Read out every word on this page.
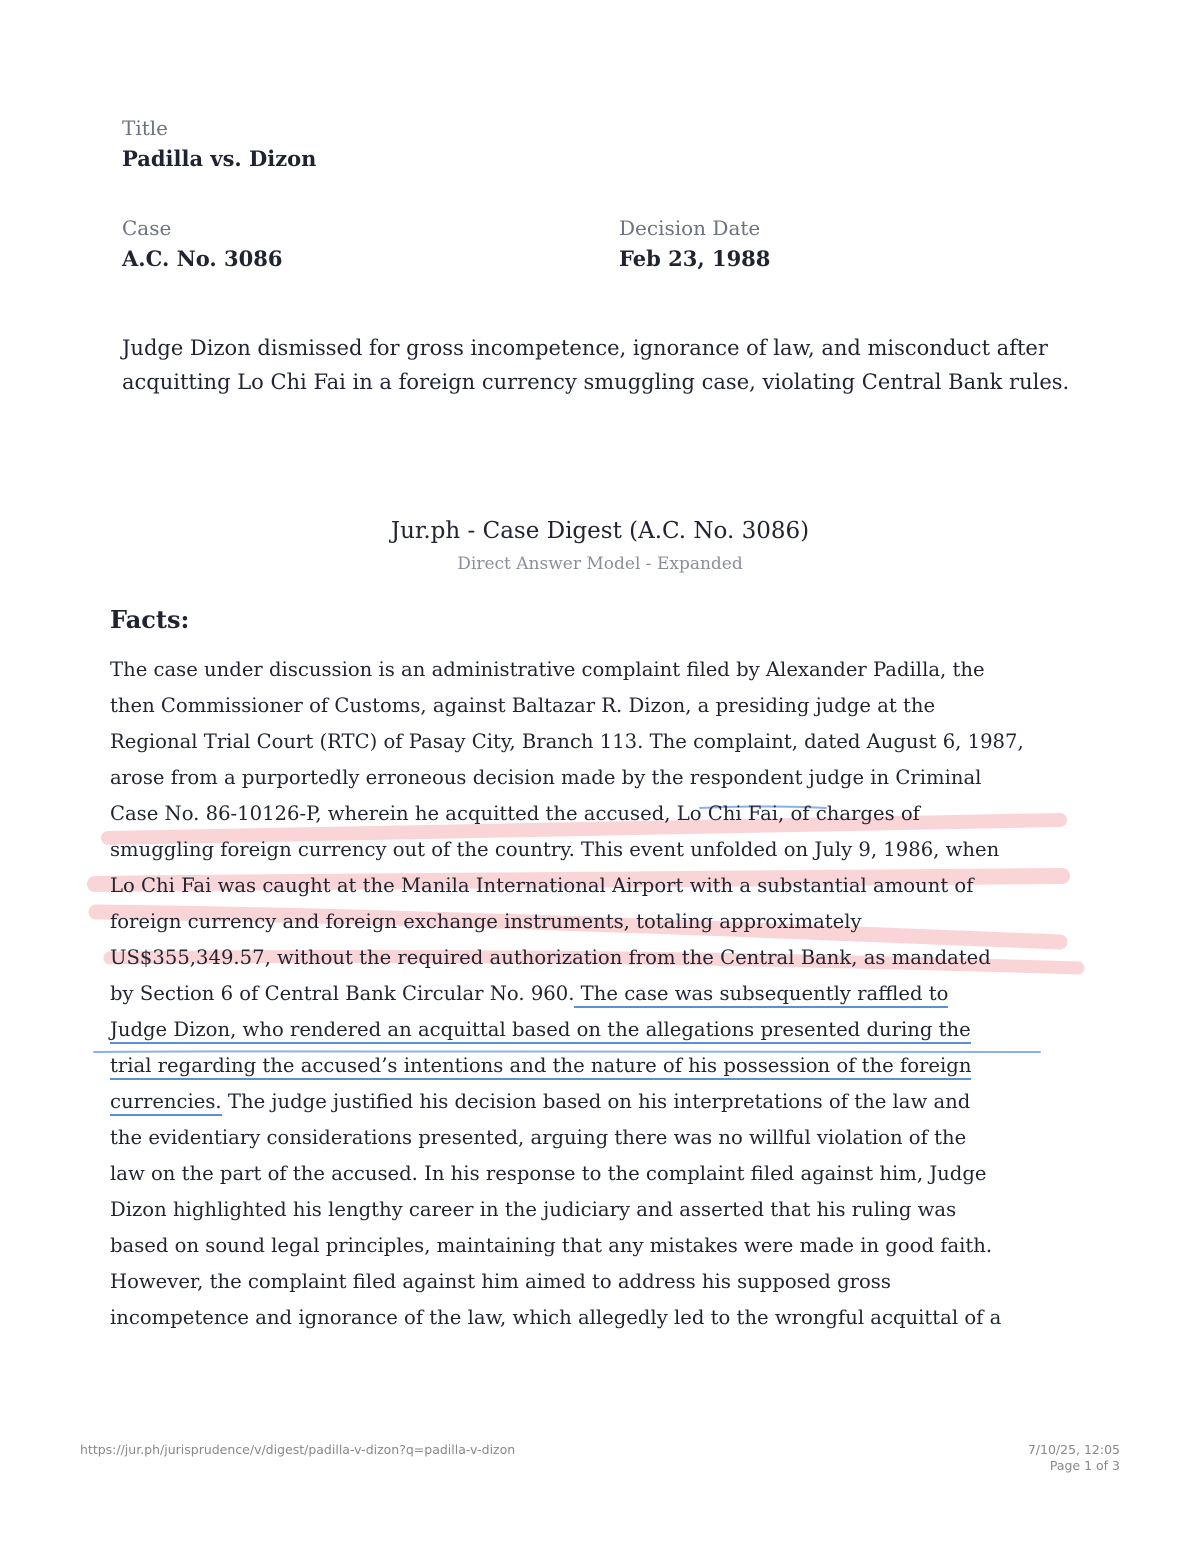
Title
Padilla vs. Dizon
Case
A.C. No. 3086
Decision Date
Feb 23, 1988
Judge Dizon dismissed for gross incompetence, ignorance of law, and misconduct after acquitting Lo Chi Fai in a foreign currency smuggling case, violating Central Bank rules.
Jur.ph - Case Digest (A.C. No. 3086)
Direct Answer Model - Expanded
Facts:
The case under discussion is an administrative complaint filed by Alexander Padilla, the
then Commissioner of Customs, against Baltazar R. Dizon, a presiding judge at the
Regional Trial Court (RTC) of Pasay City, Branch 113. The complaint, dated August 6, 1987,
arose from a purportedly erroneous decision made by the respondent judge in Criminal
Case No. 86-10126-P, wherein he acquitted the accused, Lo Chi Fai, of charges of
smuggling foreign currency out of the country. This event unfolded on July 9, 1986, when
Lo Chi Fai was caught at the Manila International Airport with a substantial amount of
foreign currency and foreign exchange instruments, totaling approximately
US$355,349.57, without the required authorization from the Central Bank, as mandated
by Section 6 of Central Bank Circular No. 960. The case was subsequently raffled to
Judge Dizon, who rendered an acquittal based on the allegations presented during the
trial regarding the accused’s intentions and the nature of his possession of the foreign
currencies. The judge justified his decision based on his interpretations of the law and
the evidentiary considerations presented, arguing there was no willful violation of the
law on the part of the accused. In his response to the complaint filed against him, Judge
Dizon highlighted his lengthy career in the judiciary and asserted that his ruling was
based on sound legal principles, maintaining that any mistakes were made in good faith.
However, the complaint filed against him aimed to address his supposed gross
incompetence and ignorance of the law, which allegedly led to the wrongful acquittal of a
https://jur.ph/jurisprudence/v/digest/padilla-v-dizon?q=padilla-v-dizon	7/10/25, 12:05
Page 1 of 3
